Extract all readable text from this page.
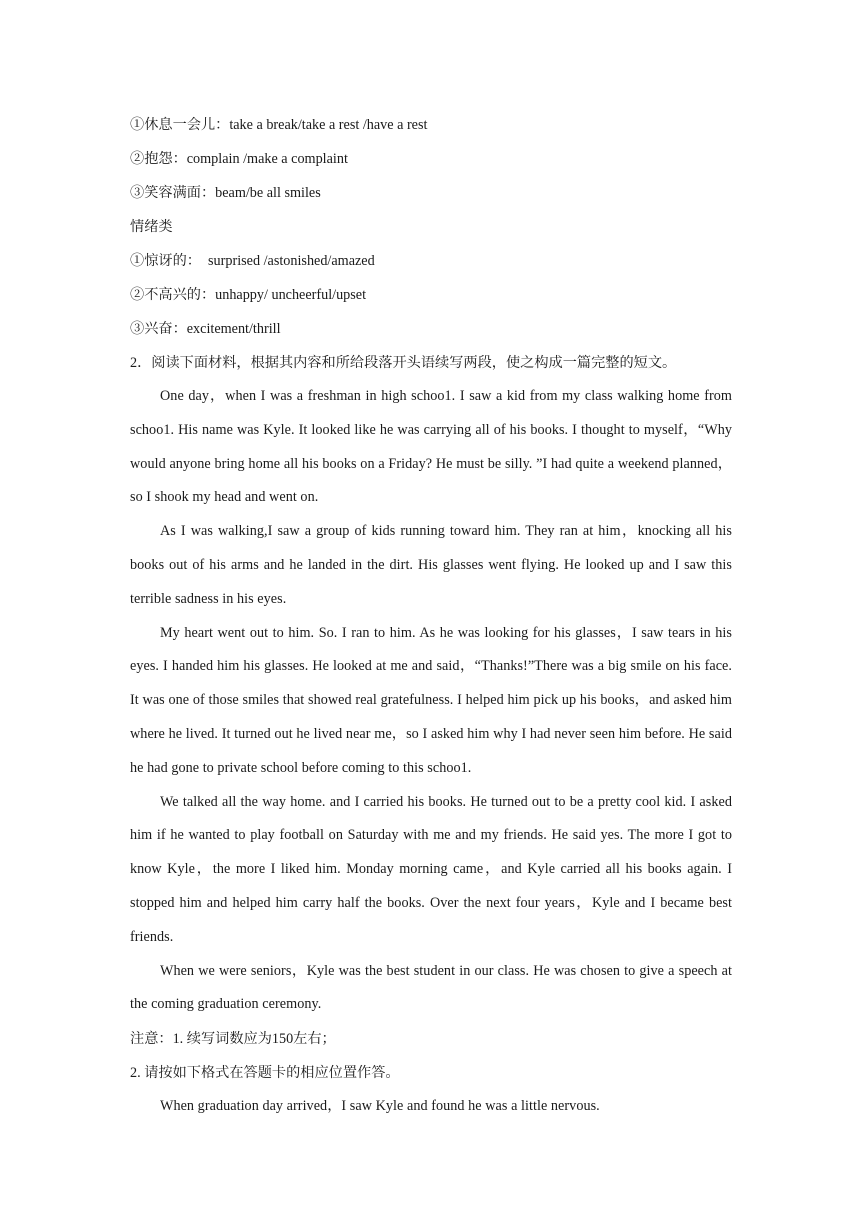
①休息一会儿：take a break/take a rest /have a rest
②抱怨：complain /make a complaint
③笑容满面：beam/be all smiles
情绪类
①惊讶的：  surprised /astonished/amazed
②不高兴的：unhappy/ uncheerful/upset
③兴奋：excitement/thrill
2．阅读下面材料，根据其内容和所给段落开头语续写两段，使之构成一篇完整的短文。

One day，when I was a freshman in high schoo1. I saw a kid from my class walking home from schoo1. His name was Kyle. It looked like he was carrying all of his books. I thought to myself，“Why would anyone bring home all his books on a Friday? He must be silly. ”I had quite a weekend planned，so I shook my head and went on.

As I was walking,I saw a group of kids running toward him. They ran at him，knocking all his books out of his arms and he landed in the dirt. His glasses went flying. He looked up and I saw this terrible sadness in his eyes.

My heart went out to him. So. I ran to him. As he was looking for his glasses，I saw tears in his eyes. I handed him his glasses. He looked at me and said，“Thanks!”There was a big smile on his face. It was one of those smiles that showed real gratefulness. I helped him pick up his books，and asked him where he lived. It turned out he lived near me，so I asked him why I had never seen him before. He said he had gone to private school before coming to this schoo1.

We talked all the way home. and I carried his books. He turned out to be a pretty cool kid. I asked him if he wanted to play football on Saturday with me and my friends. He said yes. The more I got to know Kyle，the more I liked him. Monday morning came，and Kyle carried all his books again. I stopped him and helped him carry half the books. Over the next four years，Kyle and I became best friends.

When we were seniors，Kyle was the best student in our class. He was chosen to give a speech at the coming graduation ceremony.

注意：1. 续写词数应为150左右；
2. 请按如下格式在答题卡的相应位置作答。

When graduation day arrived，I saw Kyle and found he was a little nervous.
